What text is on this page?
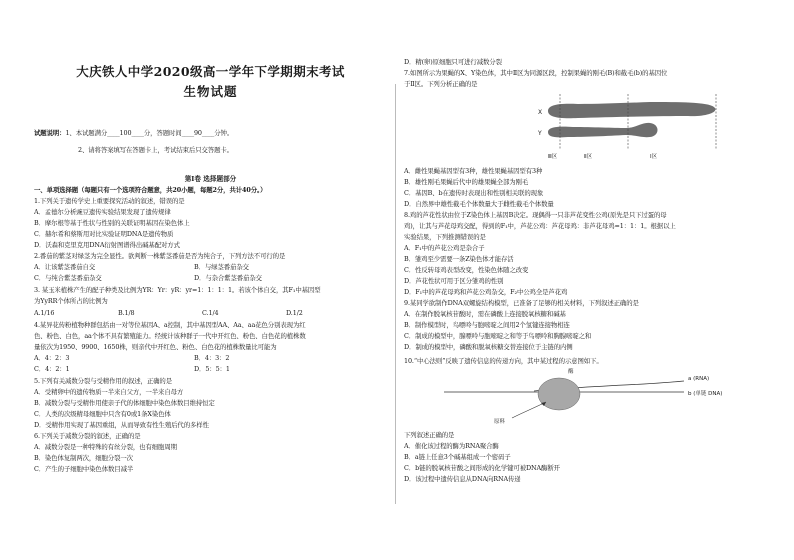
大庆铁人中学2020级高一学年下学期期末考试
生物试题
试题说明：1、本试题满分____100____分，答题时间____90____分钟。
2、请将答案填写在答题卡上，考试结束后只交答题卡。
第Ⅰ卷 选择题部分
一、单项选择题（每题只有一个选项符合题意，共20小题，每题2分，共计40分。）
1.下列关于遗传学史上重要探究活动的叙述，错误的是
A．孟德尔分析豌豆遗传实验结果发现了遗传规律
B．摩尔根等基于性状与性别的关联证明基因在染色体上
C．赫尔希和蔡斯用对比实验证明DNA是遗传物质
D．沃森和克里克用DNA衍射图谱得出碱基配对方式
2.番茄的紫茎对绿茎为完全显性。欲判断一株紫茎番茄是否为纯合子，下列方法不可行的是
A．让该紫茎番茄自交	B．与绿茎番茄杂交
C．与纯合紫茎番茄杂交	D．与杂合紫茎番茄杂交
3. 某玉米植株产生的配子种类及比例为YR：Yr：yR：yr=1：1：1：1。若该个体自交，其F₁中基因型
为YyRR个体所占的比例为
A.1/16	B.1/8	C.1/4	D.1/2
4.某异花传粉植物种群包括由一对等位基因A、a控制，其中基因型AA、Aa、aa花色分别表现为红
色、粉色、白色，aa个体不具有繁殖能力。经统计该种群子一代中开红色、粉色、白色花的植株数
量依次为1950、9900、1650株，则亲代中开红色、粉色、白色花的植株数量比可能为
A．4：2：3	B．4：3：2
C．4：2：1	D．5：5：1
5.下列有关减数分裂与受精作用的叙述，正确的是
A．受精卵中的遗传物质一半来自父方，一半来自母方
B．减数分裂与受精作用使亲子代的体细胞中染色体数目维持恒定
C．人类的次级精母细胞中只含有0或1条X染色体
D．受精作用实现了基因重组，从而导致有性生殖后代的多样性
6.下列关于减数分裂的叙述，正确的是
A．减数分裂是一种特殊的有丝分裂，也有细胞周期
B．染色体复制两次，细胞分裂一次
C．产生的子细胞中染色体数目减半
D．精(卵)原细胞只可进行减数分裂
7.如图所示为果蝇的X、Y染色体，其中Ⅱ区为同源区段，控制果蝇的刚毛(B)和截毛(b)的基因位
于Ⅱ区。下列分析正确的是
X
Y
Ⅲ区	Ⅱ区	Ⅰ区
A．雌性果蝇基因型有3种，雄性果蝇基因型有3种
B．雄性刚毛果蝇后代中的雄果蝇全部为刚毛
C．基因B、b在遗传时表现出和性别相关联的现象
D．自然界中雄性截毛个体数量大于雌性截毛个体数量
8.鸡的芦花性状由位于Z染色体上基因B决定。现偶得一只非芦花变性公鸡(原先是只下过蛋的母
鸡)，让其与芦花母鸡交配，得到的F₁中，芦花公鸡：芦花母鸡：非芦花母鸡=1：1：1。根据以上
实验结果，下列推测错误的是
A．F₁中的芦花公鸡是杂合子
B．雏鸡至少需要一条Z染色体才能存活
C．性反转母鸡表型改变，性染色体随之改变
D．芦花性状可用于区分雏鸡的性别
D．F₁中的芦花母鸡和芦花公鸡杂交，F₂中公鸡全是芦花鸡
9.某同学欲制作DNA双螺旋结构模型，已准备了足够的相关材料，下列叙述正确的是
A．在制作脱氧核苷酸时，需在磷酸上连接脱氧核糖和碱基
B．制作模型时，鸟嘌呤与胞嘧啶之间用2个氢键连接物相连
C．制成的模型中，腺嘌呤与胞嘧啶之和等于鸟嘌呤和胸腺嘧啶之和
D．制成的模型中，磷酸和脱氧核糖交替连接位于主链的内侧
10.“中心法则”反映了遗传信息的传递方向，其中某过程的示意图如下。
酶
a (RNA)
b (单链 DNA)
原料
下列叙述正确的是
A．催化该过程的酶为RNA聚合酶
B．a链上任意3个碱基组成一个密码子
C．b链的脱氧核苷酸之间形成的化学键可被DNA酶断开
D．该过程中遗传信息从DNA向RNA传递
